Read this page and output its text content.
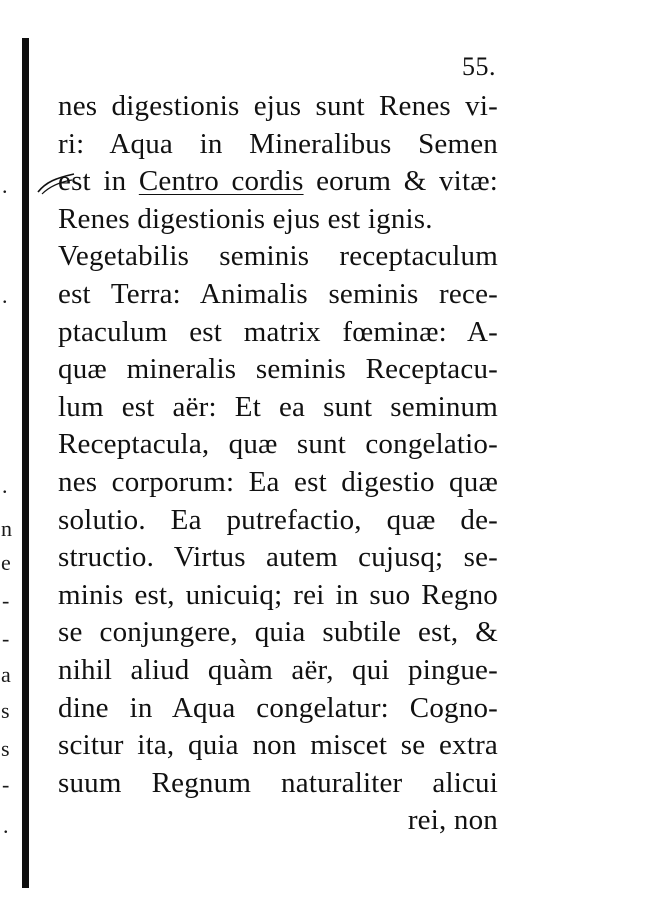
.
.
.
n
e
-
-
a
s
s
-
.
55.
nes digestionis ejus sunt Renes vi-
ri: Aqua in Mineralibus Semen
est in Centro cordis eorum & vitæ:
Renes digestionis ejus est ignis.
Vegetabilis seminis receptaculum
est Terra: Animalis seminis rece-
ptaculum est matrix fœminæ: A-
quæ mineralis seminis Receptacu-
lum est aër: Et ea sunt seminum
Receptacula, quæ sunt congelatio-
nes corporum: Ea est digestio quæ
solutio. Ea putrefactio, quæ de-
structio. Virtus autem cujusq; se-
minis est, unicuiq; rei in suo Regno
se conjungere, quia subtile est, &
nihil aliud quàm aër, qui pingue-
dine in Aqua congelatur: Cogno-
scitur ita, quia non miscet se extra
suum Regnum naturaliter alicui
rei, non
